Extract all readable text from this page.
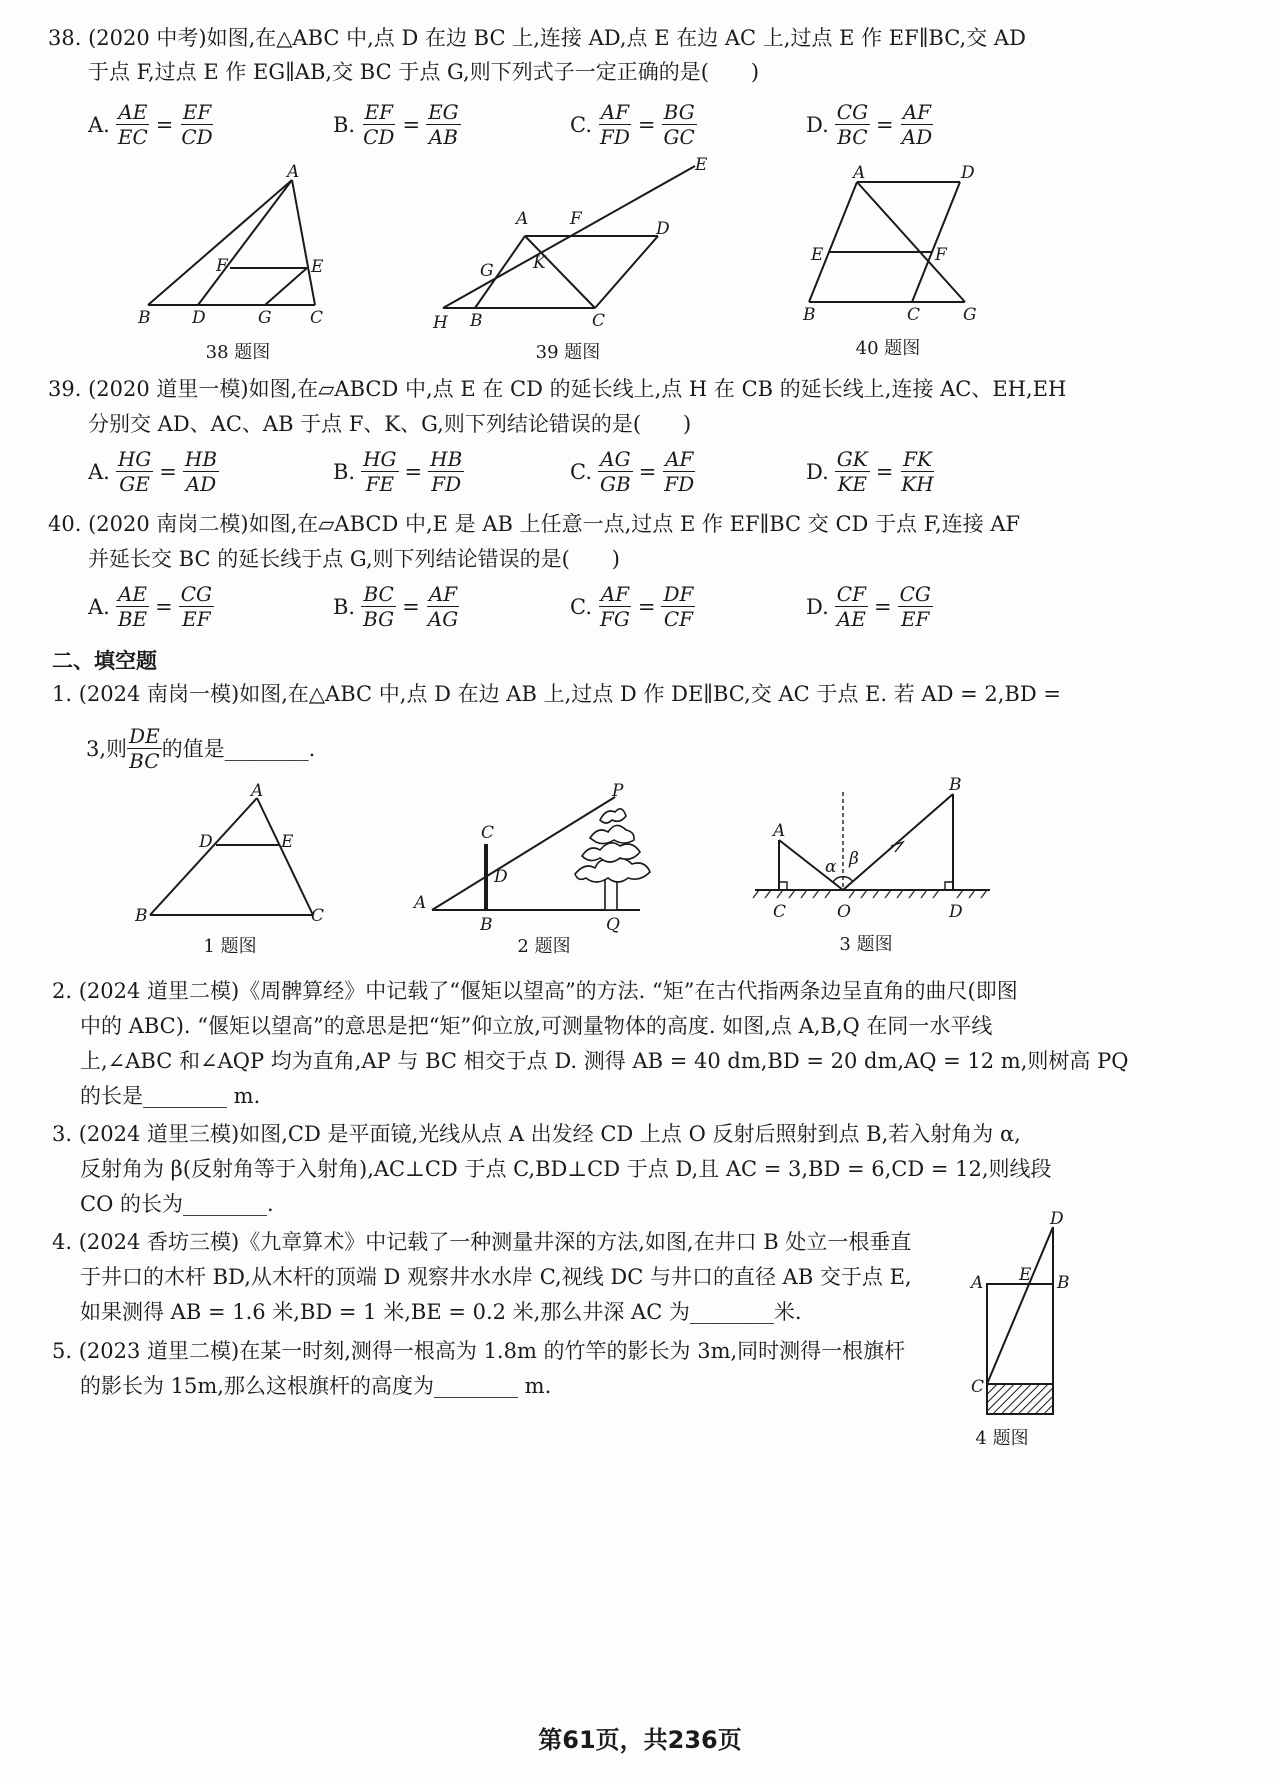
38. (2020 中考)如图,在△ABC 中,点 D 在边 BC 上,连接 AD,点 E 在边 AC 上,过点 E 作 EF∥BC,交 AD
于点 F,过点 E 作 EG∥AB,交 BC 于点 G,则下列式子一定正确的是(　　)
A. $\frac{AE}{EC} = \frac{EF}{CD}$	B. $\frac{EF}{CD} = \frac{EG}{AB}$	C. $\frac{AF}{FD} = \frac{BG}{GC}$	D. $\frac{CG}{BC} = \frac{AF}{AD}$
A
B D	G C
F	E
38 题图
E
A F	D
G K
H B	C
39 题图
A	D
E	F
B	C	G
40 题图
39. (2020 道里一模)如图,在▱ABCD 中,点 E 在 CD 的延长线上,点 H 在 CB 的延长线上,连接 AC、EH,EH
分别交 AD、AC、AB 于点 F、K、G,则下列结论错误的是(　　)
A. $\frac{HG}{GE} = \frac{HB}{AD}$	B. $\frac{HG}{FE} = \frac{HB}{FD}$	C. $\frac{AG}{GB} = \frac{AF}{FD}$	D. $\frac{GK}{KE} = \frac{FK}{KH}$
40. (2020 南岗二模)如图,在▱ABCD 中,E 是 AB 上任意一点,过点 E 作 EF∥BC 交 CD 于点 F,连接 AF
并延长交 BC 的延长线于点 G,则下列结论错误的是(　　)
A. $\frac{AE}{BE} = \frac{CG}{EF}$	B. $\frac{BC}{BG} = \frac{AF}{AG}$	C. $\frac{AF}{FG} = \frac{DF}{CF}$	D. $\frac{CF}{AE} = \frac{CG}{EF}$
二、填空题
1. (2024 南岗一模)如图,在△ABC 中,点 D 在边 AB 上,过点 D 作 DE∥BC,交 AC 于点 E. 若 AD = 2,BD =
3,则 $\frac{DE}{BC}$ 的值是________.
A
D	E
B	C
1 题图
P
C
D
A
B	Q
2 题图
A
B
α β
C	O	D
3 题图
2. (2024 道里二模)《周髀算经》中记载了“偃矩以望高”的方法. “矩”在古代指两条边呈直角的曲尺(即图
中的 ABC). “偃矩以望高”的意思是把“矩”仰立放,可测量物体的高度. 如图,点 A,B,Q 在同一水平线
上,∠ABC 和∠AQP 均为直角,AP 与 BC 相交于点 D. 测得 AB = 40 dm,BD = 20 dm,AQ = 12 m,则树高 PQ
的长是________ m.
3. (2024 道里三模)如图,CD 是平面镜,光线从点 A 出发经 CD 上点 O 反射后照射到点 B,若入射角为 α,
反射角为 β(反射角等于入射角),AC⊥CD 于点 C,BD⊥CD 于点 D,且 AC = 3,BD = 6,CD = 12,则线段
CO 的长为________.
4. (2024 香坊三模)《九章算术》中记载了一种测量井深的方法,如图,在井口 B 处立一根垂直
于井口的木杆 BD,从木杆的顶端 D 观察井水水岸 C,视线 DC 与井口的直径 AB 交于点 E,
如果测得 AB = 1.6 米,BD = 1 米,BE = 0.2 米,那么井深 AC 为________米.
5. (2023 道里二模)在某一时刻,测得一根高为 1.8m 的竹竿的影长为 3m,同时测得一根旗杆
的影长为 15m,那么这根旗杆的高度为________ m.
D
A E B
C
4 题图
第61页，共236页
